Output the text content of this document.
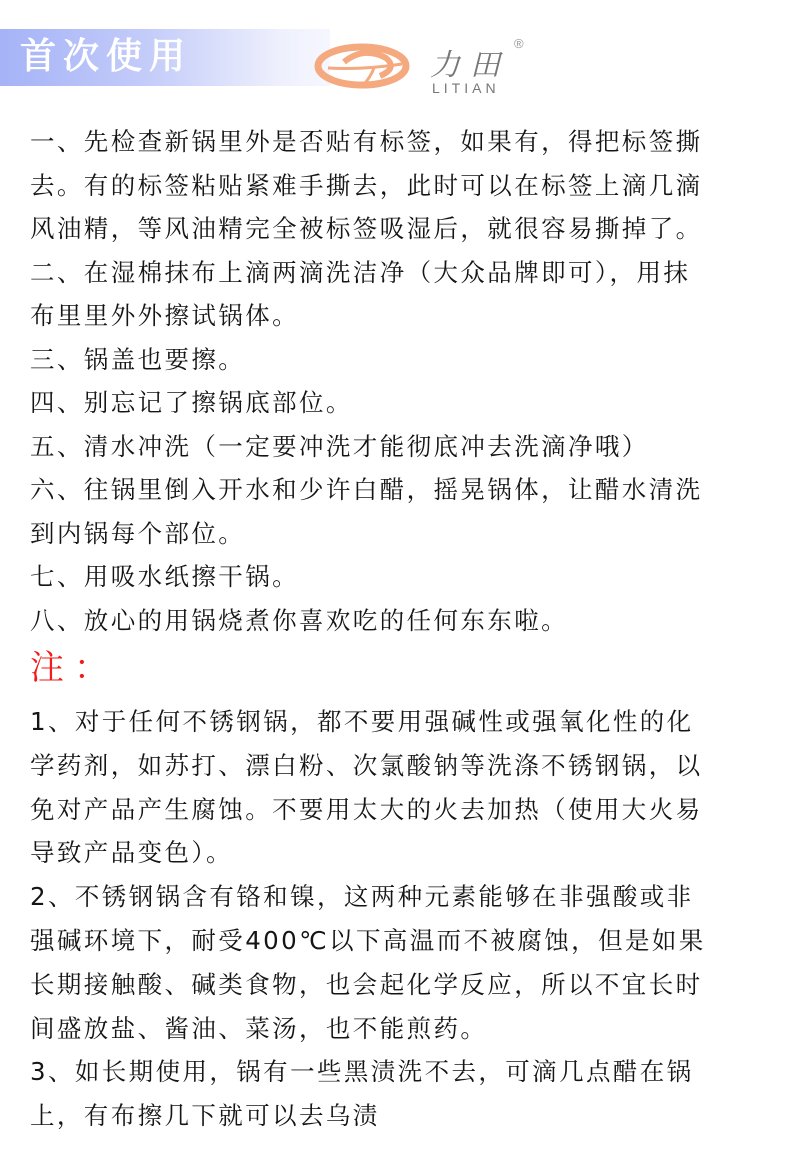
首次使用	力田
®
LITIAN
一、先检查新锅里外是否贴有标签，如果有，得把标签撕
去。有的标签粘贴紧难手撕去，此时可以在标签上滴几滴
风油精，等风油精完全被标签吸湿后，就很容易撕掉了。
二、在湿棉抹布上滴两滴洗洁净（大众品牌即可），用抹
布里里外外擦试锅体。
三、锅盖也要擦。
四、别忘记了擦锅底部位。
五、清水冲洗（一定要冲洗才能彻底冲去洗滴净哦）
六、往锅里倒入开水和少许白醋，摇晃锅体，让醋水清洗
到内锅每个部位。
七、用吸水纸擦干锅。
八、放心的用锅烧煮你喜欢吃的任何东东啦。
注：
1、对于任何不锈钢锅，都不要用强碱性或强氧化性的化
学药剂，如苏打、漂白粉、次氯酸钠等洗涤不锈钢锅，以
免对产品产生腐蚀。不要用太大的火去加热（使用大火易
导致产品变色）。
2、不锈钢锅含有铬和镍，这两种元素能够在非强酸或非
强碱环境下，耐受400℃以下高温而不被腐蚀，但是如果
长期接触酸、碱类食物，也会起化学反应，所以不宜长时
间盛放盐、酱油、菜汤，也不能煎药。
3、如长期使用，锅有一些黑渍洗不去，可滴几点醋在锅
上，有布擦几下就可以去乌渍
